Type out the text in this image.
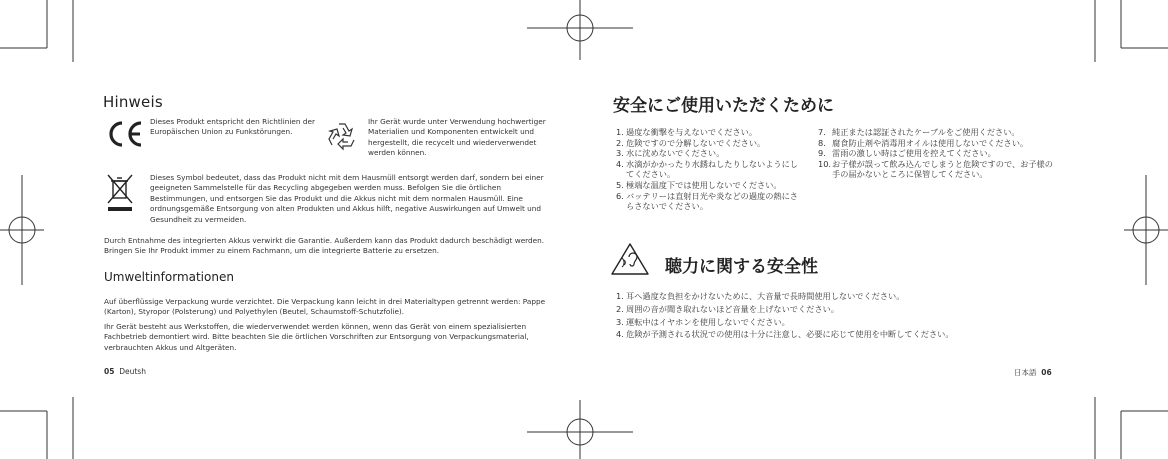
Hinweis
Dieses Produkt entspricht den Richtlinien der Europäischen Union zu Funkstörungen.
Ihr Gerät wurde unter Verwendung hochwertiger Materialien und Komponenten entwickelt und hergestellt, die recycelt und wiederverwendet werden können.
Dieses Symbol bedeutet, dass das Produkt nicht mit dem Hausmüll entsorgt werden darf, sondern bei einer geeigneten Sammelstelle für das Recycling abgegeben werden muss. Befolgen Sie die örtlichen Bestimmungen, und entsorgen Sie das Produkt und die Akkus nicht mit dem normalen Hausmüll. Eine ordnungsgemäße Entsorgung von alten Produkten und Akkus hilft, negative Auswirkungen auf Umwelt und Gesundheit zu vermeiden.
Durch Entnahme des integrierten Akkus verwirkt die Garantie. Außerdem kann das Produkt dadurch beschädigt werden. Bringen Sie Ihr Produkt immer zu einem Fachmann, um die integrierte Batterie zu ersetzen.
Umweltinformationen
Auf überflüssige Verpackung wurde verzichtet. Die Verpackung kann leicht in drei Materialtypen getrennt werden: Pappe (Karton), Styropor (Polsterung) und Polyethylen (Beutel, Schaumstoff-Schutzfolie).
Ihr Gerät besteht aus Werkstoffen, die wiederverwendet werden können, wenn das Gerät von einem spezialisierten Fachbetrieb demontiert wird. Bitte beachten Sie die örtlichen Vorschriften zur Entsorgung von Verpackungsmaterial, verbrauchten Akkus und Altgeräten.
05 Deutsh
安全にご使用いただくために
1. 過度な衝撃を与えないでください。
2. 危険ですので分解しないでください。
3. 水に沈めないでください。
4. 水滴がかかったり水銹ねしたりしないようにしてください。
5. 極端な温度下では使用しないでください。
6. バッテリーは直射日光や炎などの過度の熱にさらさないでください。
7. 純正または認証されたケーブルをご使用ください。
8. 腐食防止剤や消毒用オイルは使用しないでください。
9. 雷雨の激しい時はご使用を控えてください。
10. お子様が誤って飲み込んでしまうと危険ですので、お子様の手の届かないところに保管してください。
聴力に関する安全性
1. 耳へ過度な負担をかけないために、大音量で長時間使用しないでください。
2. 周囲の音が聞き取れないほど音量を上げないでください。
3. 運転中はイヤホンを使用しないでください。
4. 危険が予測される状況での使用は十分に注意し、必要に応じて使用を中断してください。
日本語 06
